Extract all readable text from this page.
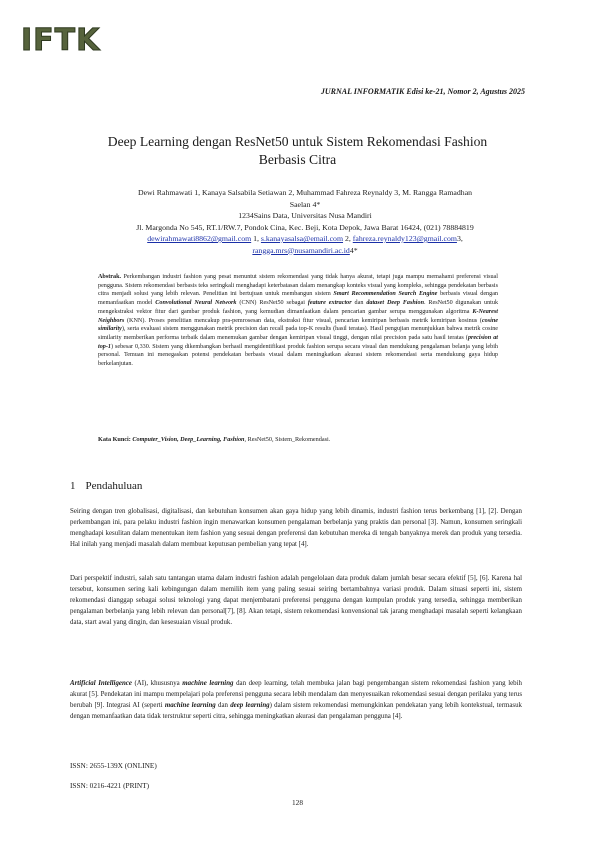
IFTK
JURNAL INFORMATIK Edisi ke-21, Nomor 2, Agustus 2025
Deep Learning dengan ResNet50 untuk Sistem Rekomendasi Fashion
Berbasis Citra
Dewi Rahmawati 1, Kanaya Salsabila Setiawan 2, Muhammad Fahreza Reynaldy 3, M. Rangga Ramadhan
Saelan 4*
1234Sains Data, Universitas Nusa Mandiri
Jl. Margonda No 545, RT.1/RW.7, Pondok Cina, Kec. Beji, Kota Depok, Jawa Barat 16424, (021) 78884819
dewirahmawati8862@gmail.com 1, s.kanayasalsa@email.com 2, fahreza.reynaldy123@gmail.com3,
rangga.mrs@nusamandiri.ac.id4*
Abstrak. Perkembangan industri fashion yang pesat menuntut sistem rekomendasi yang tidak hanya akurat, tetapi juga mampu memahami preferensi visual pengguna. Sistem rekomendasi berbasis teks seringkali menghadapi keterbatasan dalam menangkap konteks visual yang kompleks, sehingga pendekatan berbasis citra menjadi solusi yang lebih relevan. Penelitian ini bertujuan untuk membangun sistem Smart Recommendation Search Engine berbasis visual dengan memanfaatkan model Convolutional Neural Network (CNN) ResNet50 sebagai feature extractor dan dataset Deep Fashion. ResNet50 digunakan untuk mengekstraksi vektor fitur dari gambar produk fashion, yang kemudian dimanfaatkan dalam pencarian gambar serupa menggunakan algoritma K-Nearest Neighbors (KNN). Proses penelitian mencakup pra-pemrosesan data, ekstraksi fitur visual, pencarian kemiripan berbasis metrik kemiripan kosinus (cosine similarity), serta evaluasi sistem menggunakan metrik precision dan recall pada top-K results (hasil teratas). Hasil pengujian menunjukkan bahwa metrik cosine similarity memberikan performa terbaik dalam menemukan gambar dengan kemiripan visual tinggi, dengan nilai precision pada satu hasil teratas (precision at top-1) sebesar 0,330. Sistem yang dikembangkan berhasil mengidentifikasi produk fashion serupa secara visual dan mendukung pengalaman belanja yang lebih personal. Temuan ini menegaskan potensi pendekatan berbasis visual dalam meningkatkan akurasi sistem rekomendasi serta mendukung gaya hidup berkelanjutan.
Kata Kunci: Computer_Vision, Deep_Learning, Fashion, ResNet50, Sistem_Rekomendasi.
1 Pendahuluan
Seiring dengan tren globalisasi, digitalisasi, dan kebutuhan konsumen akan gaya hidup yang lebih dinamis, industri fashion terus berkembang [1], [2]. Dengan perkembangan ini, para pelaku industri fashion ingin menawarkan konsumen pengalaman berbelanja yang praktis dan personal [3]. Namun, konsumen seringkali menghadapi kesulitan dalam menentukan item fashion yang sesuai dengan preferensi dan kebutuhan mereka di tengah banyaknya merek dan produk yang tersedia. Hal inilah yang menjadi masalah dalam membuat keputusan pembelian yang tepat [4].
Dari perspektif industri, salah satu tantangan utama dalam industri fashion adalah pengelolaan data produk dalam jumlah besar secara efektif [5], [6]. Karena hal tersebut, konsumen sering kali kebingungan dalam memilih item yang paling sesuai seiring bertambahnya variasi produk. Dalam situasi seperti ini, sistem rekomendasi dianggap sebagai solusi teknologi yang dapat menjembatani preferensi pengguna dengan kumpulan produk yang tersedia, sehingga memberikan pengalaman berbelanja yang lebih relevan dan personal[7], [8]. Akan tetapi, sistem rekomendasi konvensional tak jarang menghadapi masalah seperti kelangkaan data, start awal yang dingin, dan kesesuaian visual produk.
Artificial Intelligence (AI), khususnya machine learning dan deep learning, telah membuka jalan bagi pengembangan sistem rekomendasi fashion yang lebih akurat [5]. Pendekatan ini mampu mempelajari pola preferensi pengguna secara lebih mendalam dan menyesuaikan rekomendasi sesuai dengan perilaku yang terus berubah [9]. Integrasi AI (seperti machine learning dan deep learning) dalam sistem rekomendasi memungkinkan pendekatan yang lebih kontekstual, termasuk dengan memanfaatkan data tidak terstruktur seperti citra, sehingga meningkatkan akurasi dan pengalaman pengguna [4].
ISSN: 2655-139X (ONLINE)
ISSN: 0216-4221 (PRINT)
128
